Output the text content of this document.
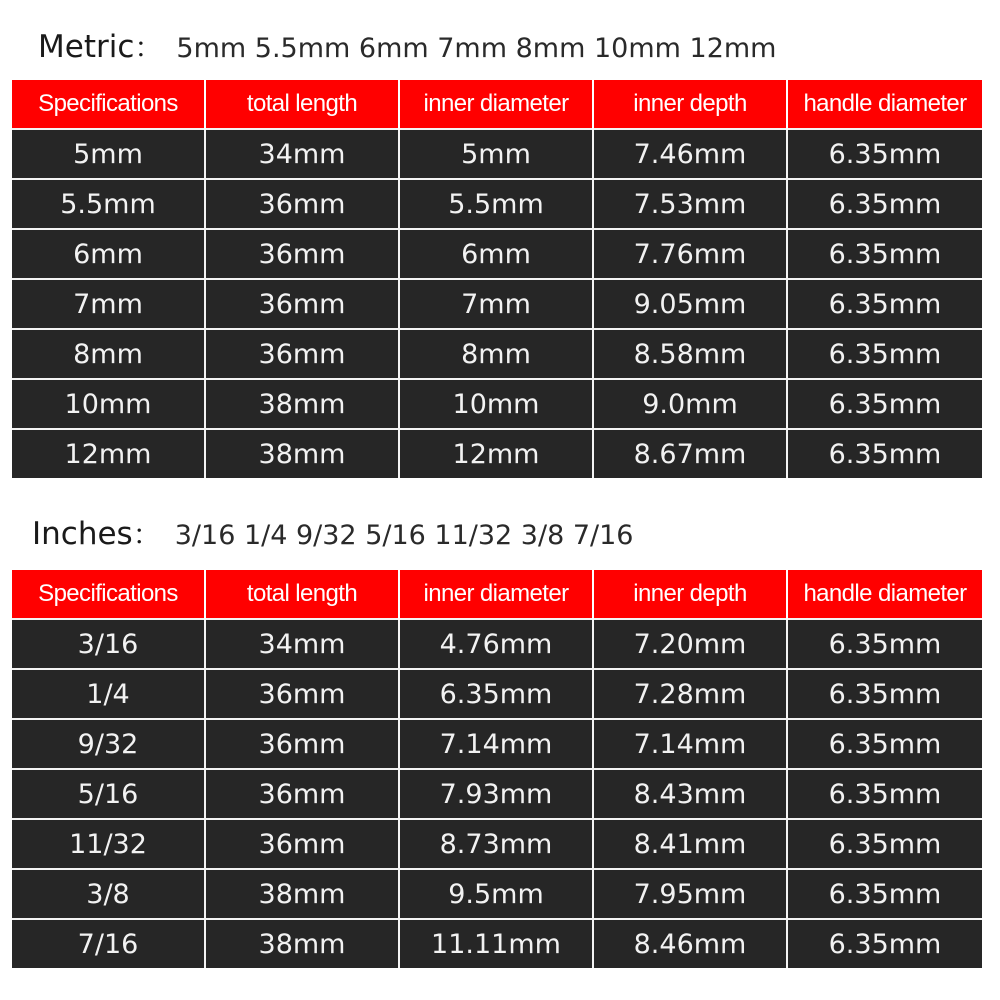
Metric ： 5mm 5.5mm 6mm 7mm 8mm 10mm 12mm
Specifications	total length	inner diameter	inner depth	handle diameter
5mm	34mm	5mm	7.46mm	6.35mm
5.5mm	36mm	5.5mm	7.53mm	6.35mm
6mm	36mm	6mm	7.76mm	6.35mm
7mm	36mm	7mm	9.05mm	6.35mm
8mm	36mm	8mm	8.58mm	6.35mm
10mm	38mm	10mm	9.0mm	6.35mm
12mm	38mm	12mm	8.67mm	6.35mm
Inches ： 3/16 1/4 9/32 5/16 11/32 3/8 7/16
Specifications	total length	inner diameter	inner depth	handle diameter
3/16	34mm	4.76mm	7.20mm	6.35mm
1/4	36mm	6.35mm	7.28mm	6.35mm
9/32	36mm	7.14mm	7.14mm	6.35mm
5/16	36mm	7.93mm	8.43mm	6.35mm
11/32	36mm	8.73mm	8.41mm	6.35mm
3/8	38mm	9.5mm	7.95mm	6.35mm
7/16	38mm	11.11mm	8.46mm	6.35mm
